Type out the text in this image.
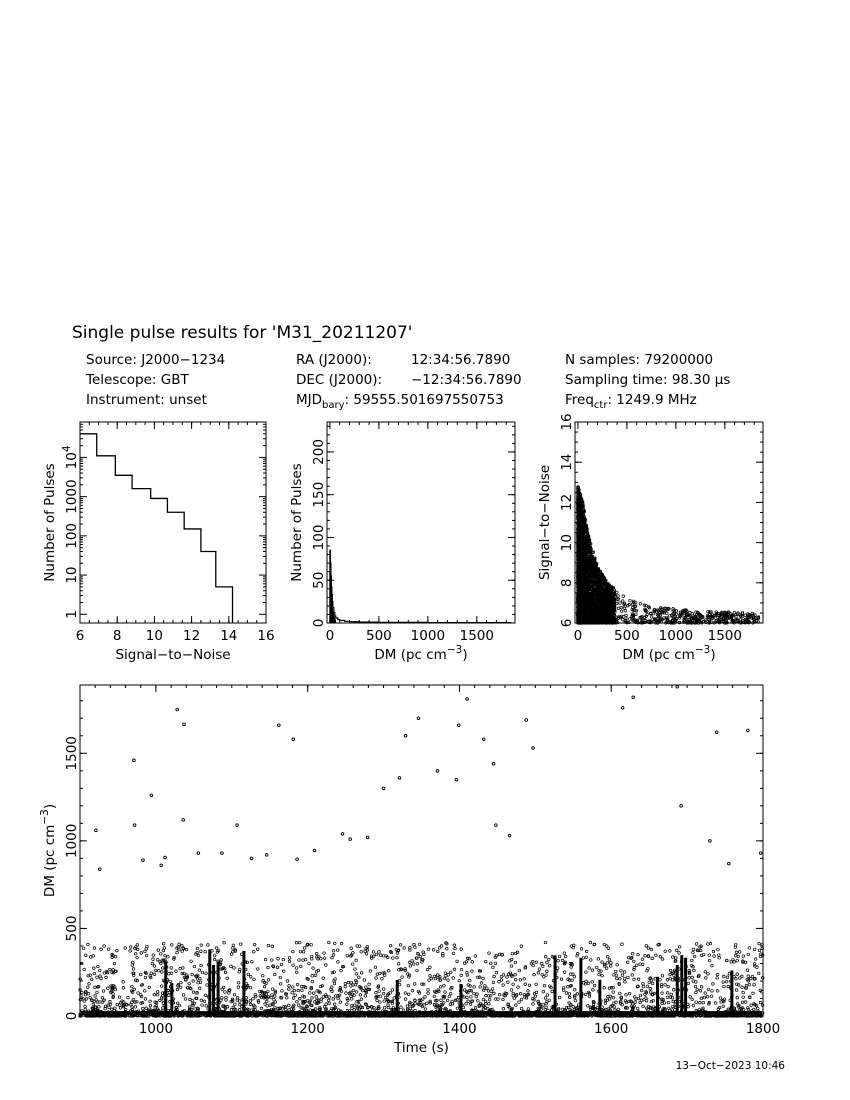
Single pulse results for 'M31_20211207'
Source: J2000−1234
Telescope: GBT
Instrument: unset
RA (J2000):	12:34:56.7890
DEC (J2000): −12:34:56.7890
$MJD_{bary}$: 59555.501697550753
N samples: 79200000
Sampling time: 98.30 μs
Freq$_{ctr}$: 1249.9 MHz
6 8 10 12 14 16
1
10
100
1000
$10^4$
Signal−to−Noise
Number of Pulses
0 500 1000 1500
0
50
100
150
200
DM (pc $cm^{-3}$)
Number of Pulses
0 500 1000 1500
6
8
10
12
14
16
DM (pc $cm^{-3}$)
Signal−to−Noise
1000	1200	1400	1600	1800
0
500
1000
1500
Time (s)
DM (pc $cm^{-3}$)
13−Oct−2023 10:46
